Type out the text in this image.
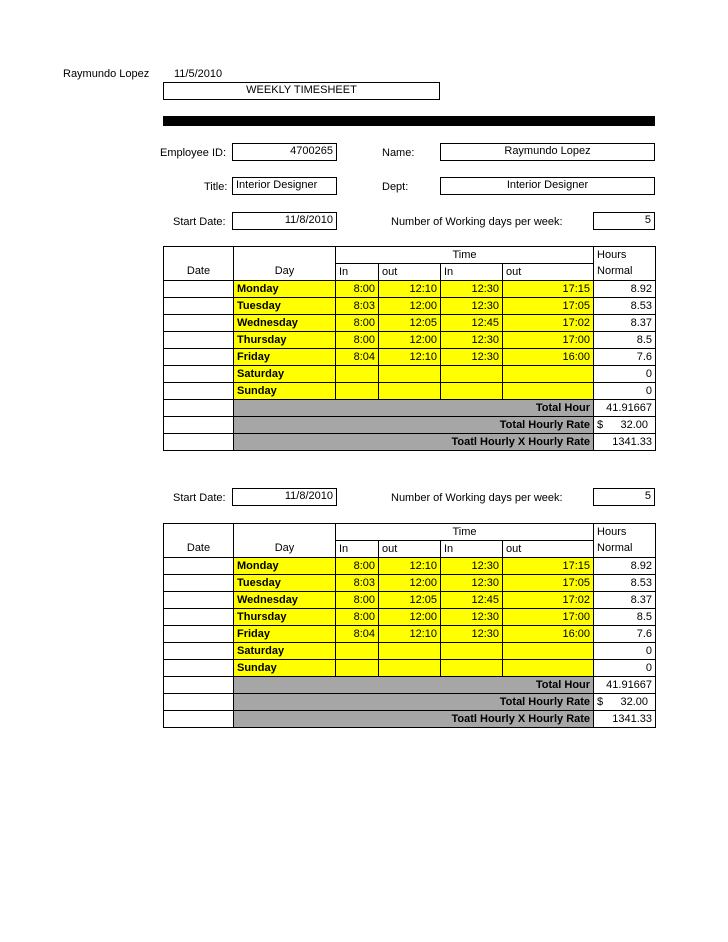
Raymundo Lopez 11/5/2010
WEEKLY TIMESHEET
Employee ID:	4700265	Name:	Raymundo Lopez
Title: Interior Designer	Dept:	Interior Designer
Start Date:	11/8/2010	Number of Working days per week:	5
		Time				Hours
Date	Day	In	out	In	out	Normal
	Monday	8:00	12:10	12:30	17:15	8.92
	Tuesday	8:03	12:00	12:30	17:05	8.53
	Wednesday	8:00	12:05	12:45	17:02	8.37
	Thursday	8:00	12:00	12:30	17:00	8.5
	Friday	8:04	12:10	12:30	16:00	7.6
	Saturday					0
	Sunday					0
	Total Hour					41.91667
	Total Hourly Rate					$ 32.00

	Toatl Hourly X Hourly Rate					1341.33
Start Date:	11/8/2010	Number of Working days per week:	5
		Time				Hours
Date	Day	In	out	In	out	Normal
	Monday	8:00	12:10	12:30	17:15	8.92
	Tuesday	8:03	12:00	12:30	17:05	8.53
	Wednesday	8:00	12:05	12:45	17:02	8.37
	Thursday	8:00	12:00	12:30	17:00	8.5
	Friday	8:04	12:10	12:30	16:00	7.6
	Saturday					0
	Sunday					0
	Total Hour					41.91667
	Total Hourly Rate					$ 32.00

	Toatl Hourly X Hourly Rate					1341.33
